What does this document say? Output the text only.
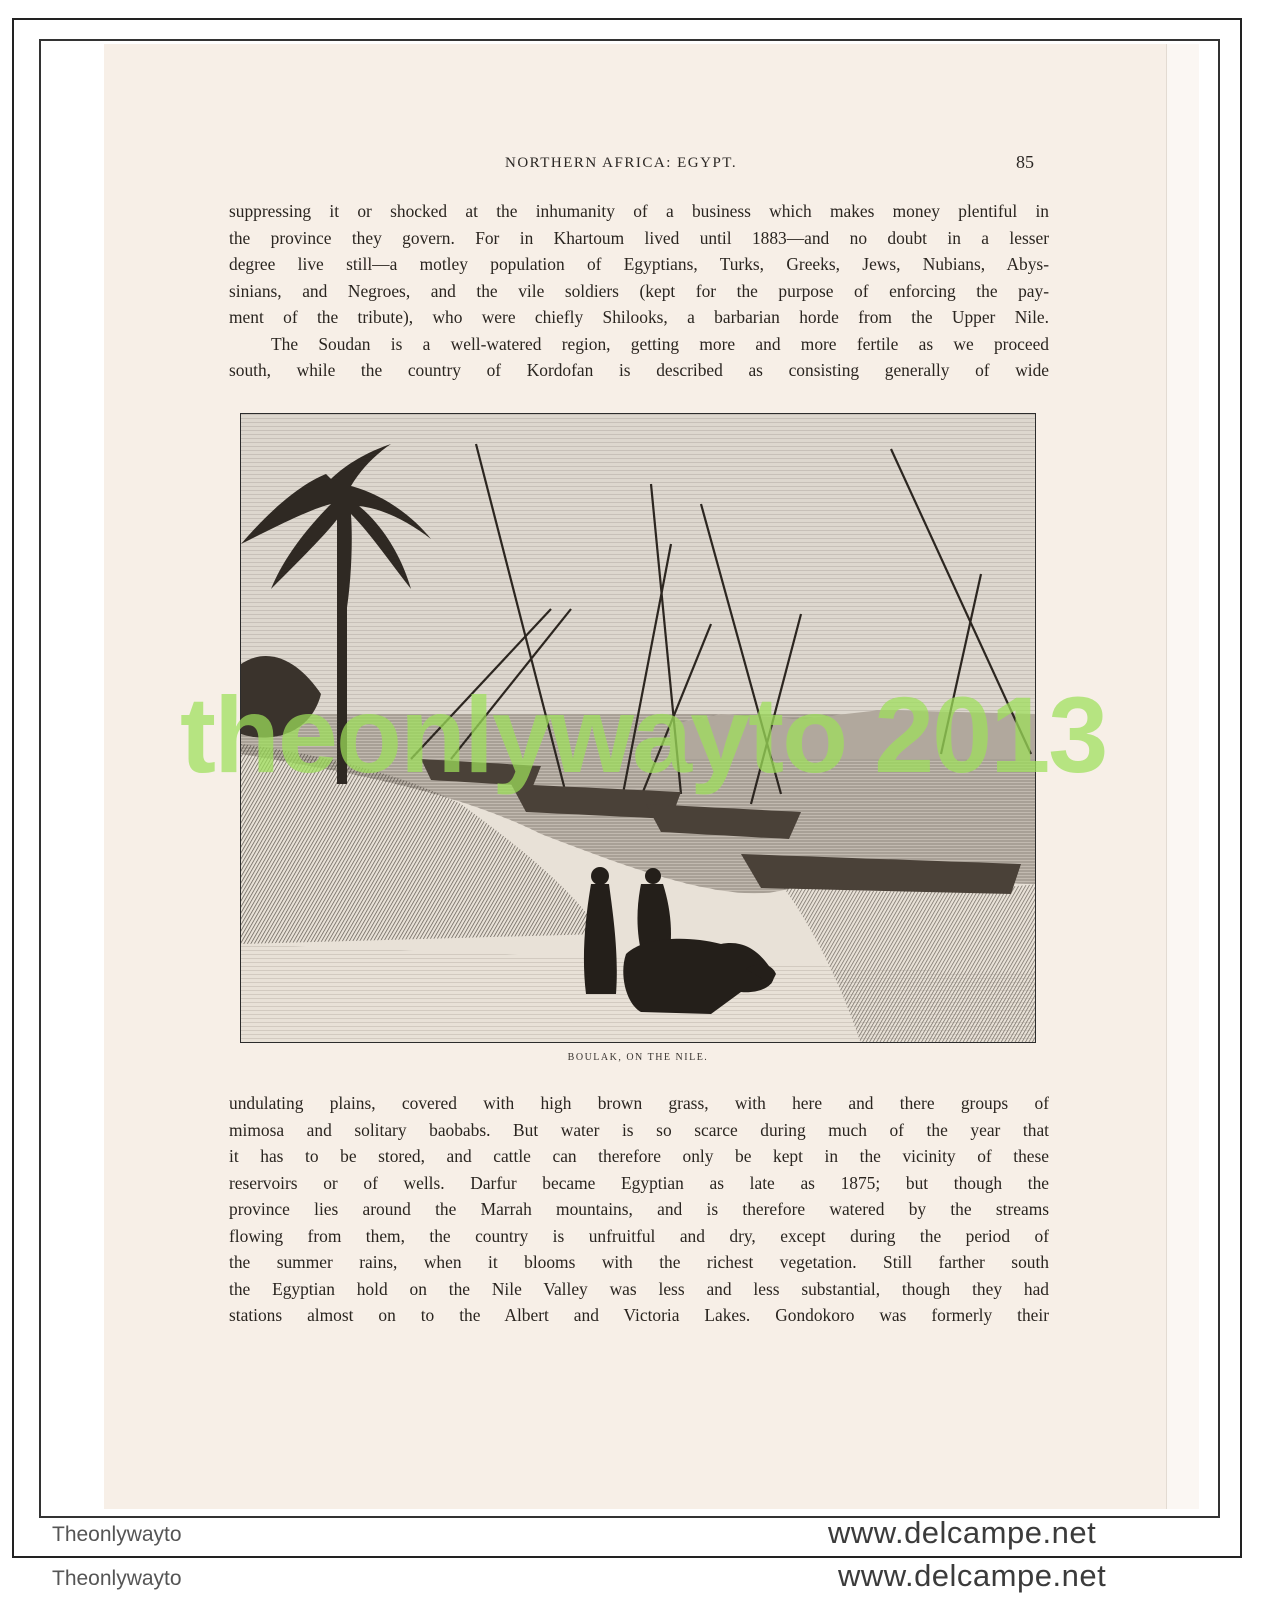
NORTHERN AFRICA: EGYPT.	85
suppressing it or shocked at the inhumanity of a business which makes money plentiful in
the province they govern. For in Khartoum lived until 1883—and no doubt in a lesser
degree live still—a motley population of Egyptians, Turks, Greeks, Jews, Nubians, Abys-
sinians, and Negroes, and the vile soldiers (kept for the purpose of enforcing the pay-
ment of the tribute), who were chiefly Shilooks, a barbarian horde from the Upper Nile.
The Soudan is a well-watered region, getting more and more fertile as we proceed
south, while the country of Kordofan is described as consisting generally of wide
BOULAK, ON THE NILE.
theonlywayto 2013
undulating plains, covered with high brown grass, with here and there groups of
mimosa and solitary baobabs. But water is so scarce during much of the year that
it has to be stored, and cattle can therefore only be kept in the vicinity of these
reservoirs or of wells. Darfur became Egyptian as late as 1875; but though the
province lies around the Marrah mountains, and is therefore watered by the streams
flowing from them, the country is unfruitful and dry, except during the period of
the summer rains, when it blooms with the richest vegetation. Still farther south
the Egyptian hold on the Nile Valley was less and less substantial, though they had
stations almost on to the Albert and Victoria Lakes. Gondokoro was formerly their
Theonlywayto	www.delcampe.net
Theonlywayto	www.delcampe.net
